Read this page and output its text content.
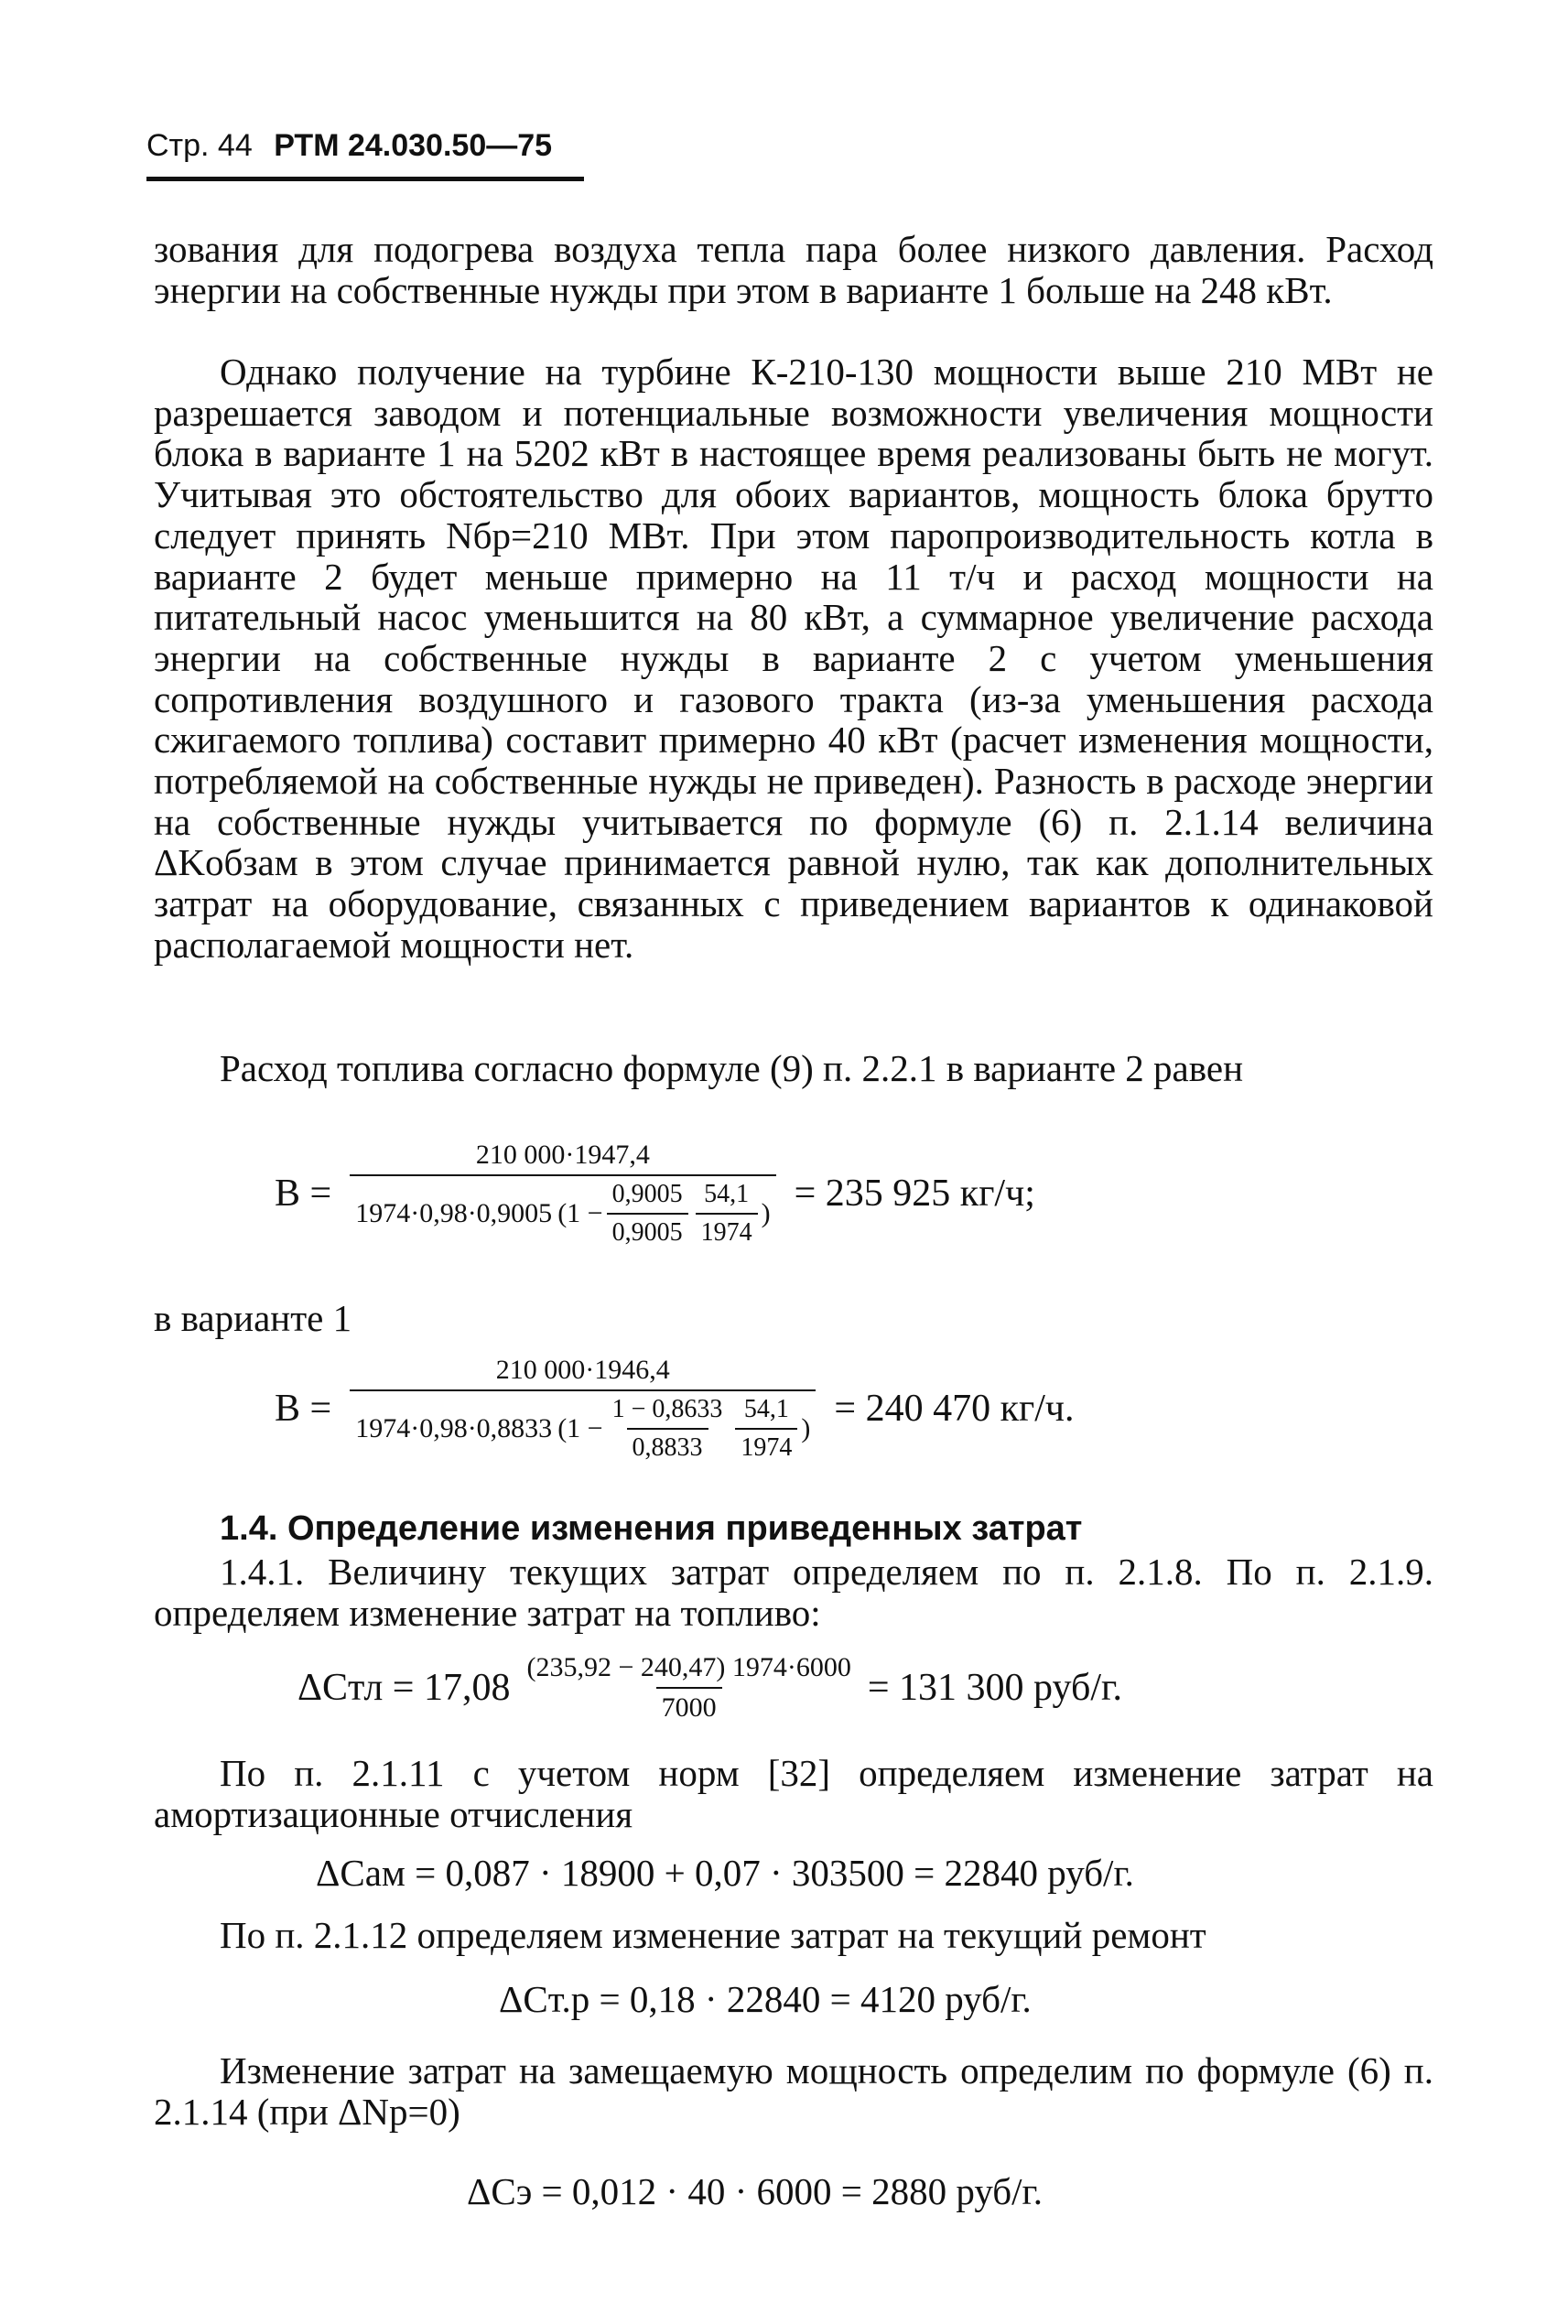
Стр. 44 РТМ 24.030.50—75
зования для подогрева воздуха тепла пара более низкого давления. Расход энергии на собственные нужды при этом в варианте 1 больше на 248 кВт.
Однако получение на турбине К-210-130 мощности выше 210 МВт не разрешается заводом и потенциальные возможности увеличения мощности блока в варианте 1 на 5202 кВт в настоящее время реализованы быть не могут. Учитывая это обстоятельство для обоих вариантов, мощность блока брутто следует принять Nбр=210 МВт. При этом паропроизводительность котла в варианте 2 будет меньше примерно на 11 т/ч и расход мощности на питательный насос уменьшится на 80 кВт, а суммарное увеличение расхода энергии на собственные нужды в варианте 2 с учетом уменьшения сопротивления воздушного и газового тракта (из-за уменьшения расхода сжигаемого топлива) составит примерно 40 кВт (расчет изменения мощности, потребляемой на собственные нужды не приведен). Разность в расходе энергии на собственные нужды учитывается по формуле (6) п. 2.1.14 величина ΔKобзам в этом случае принимается равной нулю, так как дополнительных затрат на оборудование, связанных с приведением вариантов к одинаковой располагаемой мощности нет.
Расход топлива согласно формуле (9) п. 2.2.1 в варианте 2 равен
B =
210 000·1947,4
1974·0,98·0,9005 ($1 - \frac{0,9005}{0,9005} \frac{54,1}{1974}$ ) = 235 925 кг/ч;
в варианте 1
B =
210 000·1946,4
1974·0,98·0,8833 ($1 - \frac{1 - 0,8633}{0,8833} \frac{54,1}{1974}$ ) = 240 470 кг/ч.
1.4. Определение изменения приведенных затрат
1.4.1. Величину текущих затрат определяем по п. 2.1.8. По п. 2.1.9. определяем изменение затрат на топливо:
$\Delta Cтл = 17,08 \frac{(235,92 - 240,47) 1974\cdot 6000}{7000} = 131$ 300 руб/г.
По п. 2.1.11 с учетом норм [32] определяем изменение затрат на амортизационные отчисления
ΔCам = 0,087 · 18900 + 0,07 · 303500 = 22840 руб/г.
По п. 2.1.12 определяем изменение затрат на текущий ремонт
ΔCт.р = 0,18 · 22840 = 4120 руб/г.
Изменение затрат на замещаемую мощность определим по формуле (6) п. 2.1.14 (при ΔNр=0)
ΔCэ = 0,012 · 40 · 6000 = 2880 руб/г.
